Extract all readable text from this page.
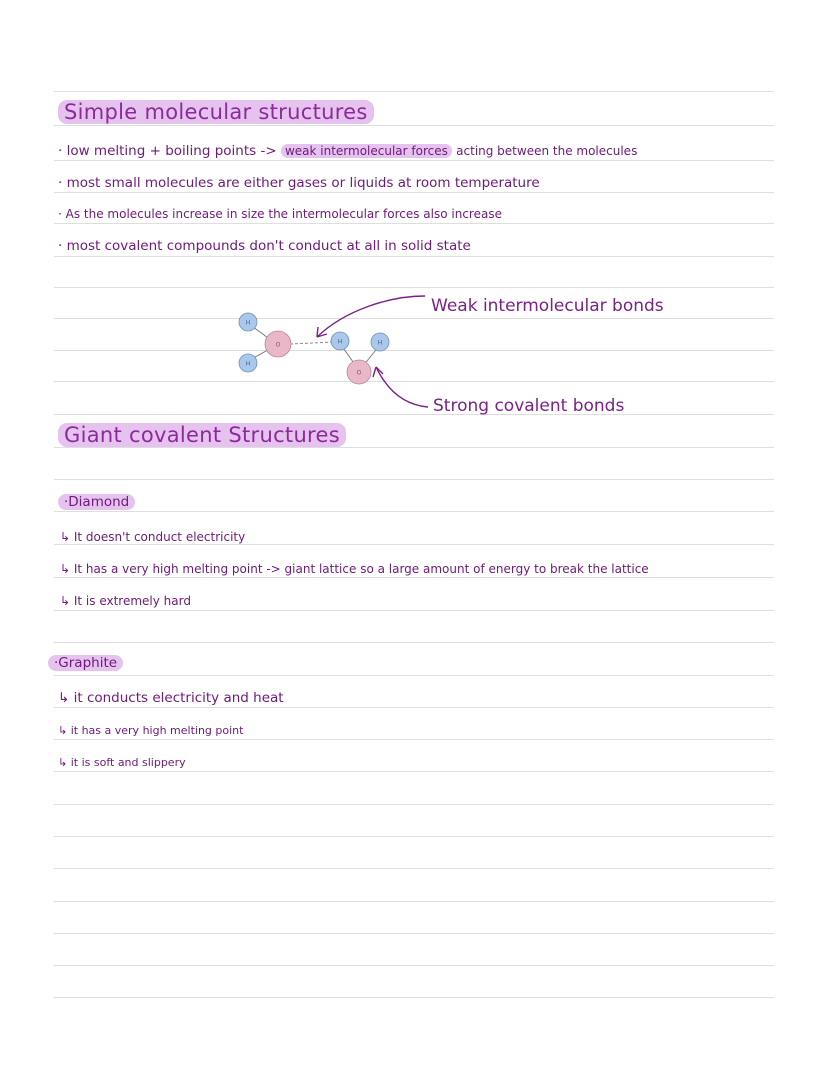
Simple molecular structures
· low melting + boiling points -> weak intermolecular forces acting between the molecules
· most small molecules are either gases or liquids at room temperature
· As the molecules increase in size the intermolecular forces also increase
· most covalent compounds don't conduct at all in solid state
H
H
O	H	H
O
Weak intermolecular bonds
Strong covalent bonds
Giant covalent Structures
·Diamond
↳ It doesn't conduct electricity
↳ It has a very high melting point -> giant lattice so a large amount of energy to break the lattice
↳ It is extremely hard
·Graphite
↳ it conducts electricity and heat
↳ it has a very high melting point
↳ it is soft and slippery
